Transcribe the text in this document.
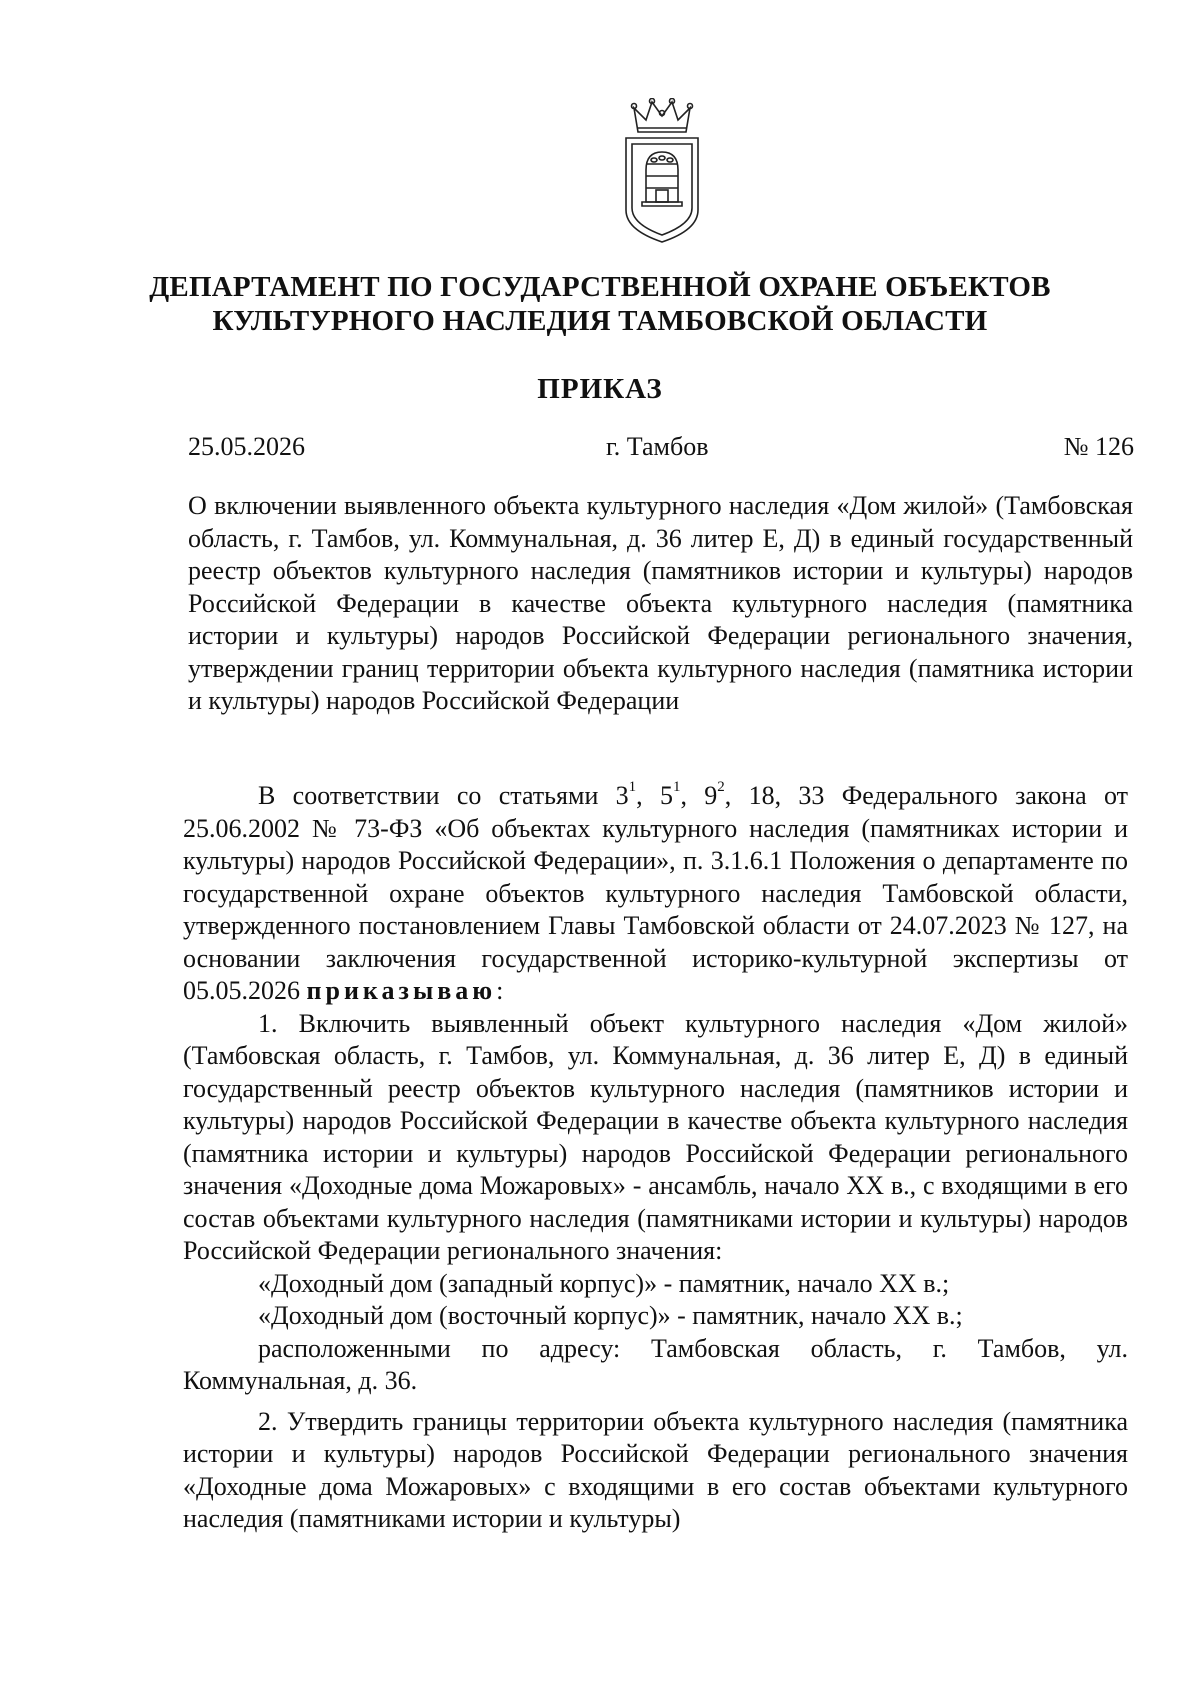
ДЕПАРТАМЕНТ ПО ГОСУДАРСТВЕННОЙ ОХРАНЕ ОБЪЕКТОВ
КУЛЬТУРНОГО НАСЛЕДИЯ ТАМБОВСКОЙ ОБЛАСТИ
ПРИКАЗ
25.05.2026	г. Тамбов	№ 126
О включении выявленного объекта культурного наследия «Дом жилой» (Тамбовская область, г. Тамбов, ул. Коммунальная, д. 36 литер Е, Д) в единый государственный реестр объектов культурного наследия (памятников истории и культуры) народов Российской Федерации в качестве объекта культурного наследия (памятника истории и культуры) народов Российской Федерации регионального значения, утверждении границ территории объекта культурного наследия (памятника истории и культуры) народов Российской Федерации

В соответствии со статьями $3^1$, $5^1$, $9^2$, 18, 33 Федерального закона от 25.06.2002 № 73-ФЗ «Об объектах культурного наследия (памятниках истории и культуры) народов Российской Федерации», п. 3.1.6.1 Положения о департаменте по государственной охране объектов культурного наследия Тамбовской области, утвержденного постановлением Главы Тамбовской области от 24.07.2023 № 127, на основании заключения государственной историко-культурной экспертизы от 05.05.2026 приказываю:

1. Включить выявленный объект культурного наследия «Дом жилой» (Тамбовская область, г. Тамбов, ул. Коммунальная, д. 36 литер Е, Д) в единый государственный реестр объектов культурного наследия (памятников истории и культуры) народов Российской Федерации в качестве объекта культурного наследия (памятника истории и культуры) народов Российской Федерации регионального значения «Доходные дома Можаровых» - ансамбль, начало XX в., с входящими в его состав объектами культурного наследия (памятниками истории и культуры) народов Российской Федерации регионального значения:

«Доходный дом (западный корпус)» - памятник, начало XX в.;

«Доходный дом (восточный корпус)» - памятник, начало XX в.;

расположенными по адресу: Тамбовская область, г. Тамбов, ул. Коммунальная, д. 36.

2. Утвердить границы территории объекта культурного наследия (памятника истории и культуры) народов Российской Федерации регионального значения «Доходные дома Можаровых» с входящими в его состав объектами культурного наследия (памятниками истории и культуры)
